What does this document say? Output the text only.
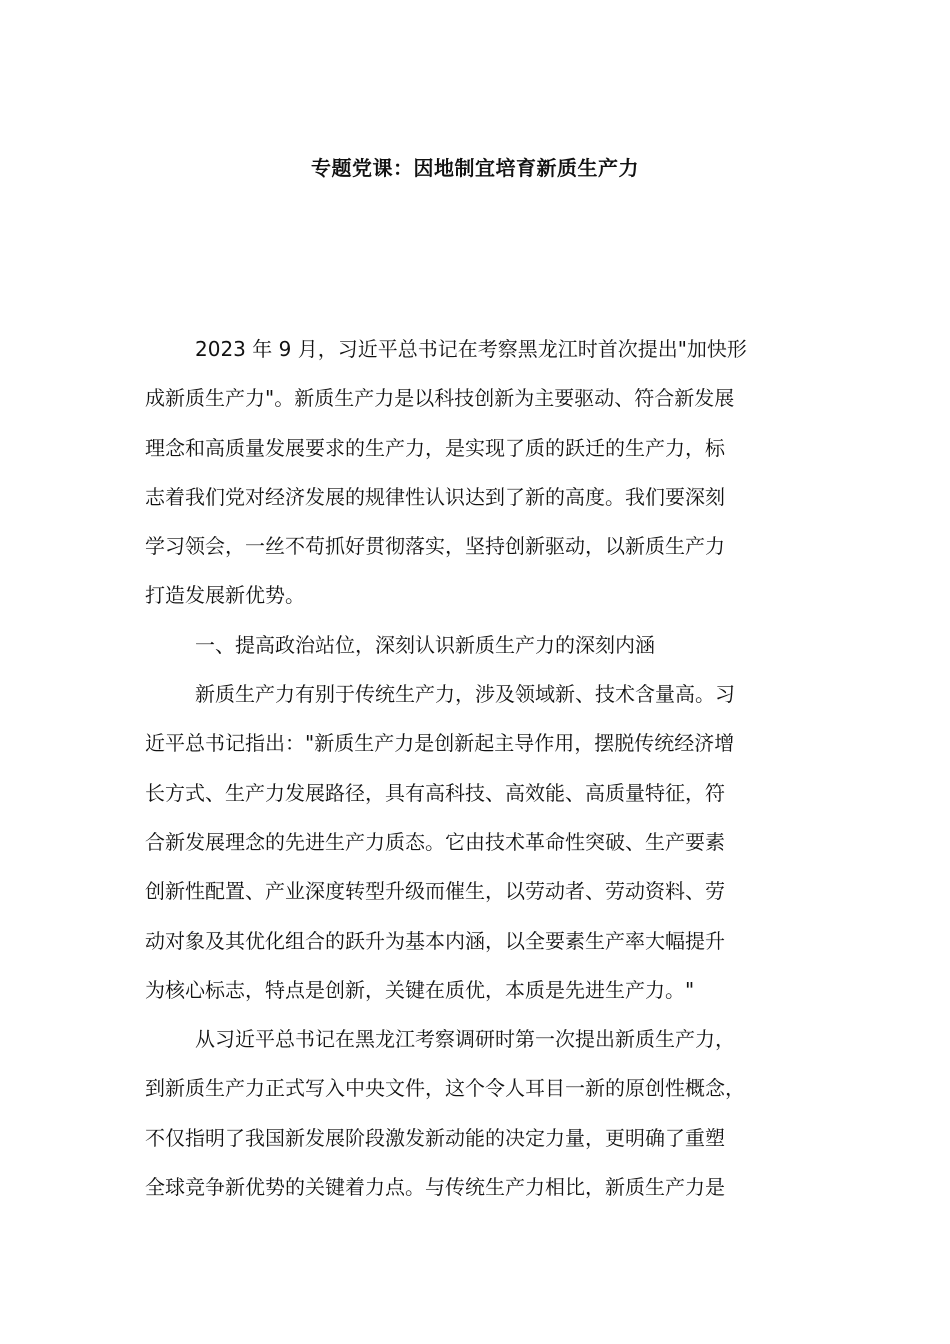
专题党课：因地制宜培育新质生产力
2023 年 9 月，习近平总书记在考察黑龙江时首次提出"加快形
成新质生产力"。新质生产力是以科技创新为主要驱动、符合新发展
理念和高质量发展要求的生产力，是实现了质的跃迁的生产力，标
志着我们党对经济发展的规律性认识达到了新的高度。我们要深刻
学习领会，一丝不苟抓好贯彻落实，坚持创新驱动，以新质生产力
打造发展新优势。
一、提高政治站位，深刻认识新质生产力的深刻内涵
新质生产力有别于传统生产力，涉及领域新、技术含量高。习
近平总书记指出："新质生产力是创新起主导作用，摆脱传统经济增
长方式、生产力发展路径，具有高科技、高效能、高质量特征，符
合新发展理念的先进生产力质态。它由技术革命性突破、生产要素
创新性配置、产业深度转型升级而催生，以劳动者、劳动资料、劳
动对象及其优化组合的跃升为基本内涵，以全要素生产率大幅提升
为核心标志，特点是创新，关键在质优，本质是先进生产力。"
从习近平总书记在黑龙江考察调研时第一次提出新质生产力，
到新质生产力正式写入中央文件，这个令人耳目一新的原创性概念，
不仅指明了我国新发展阶段激发新动能的决定力量，更明确了重塑
全球竞争新优势的关键着力点。与传统生产力相比，新质生产力是
